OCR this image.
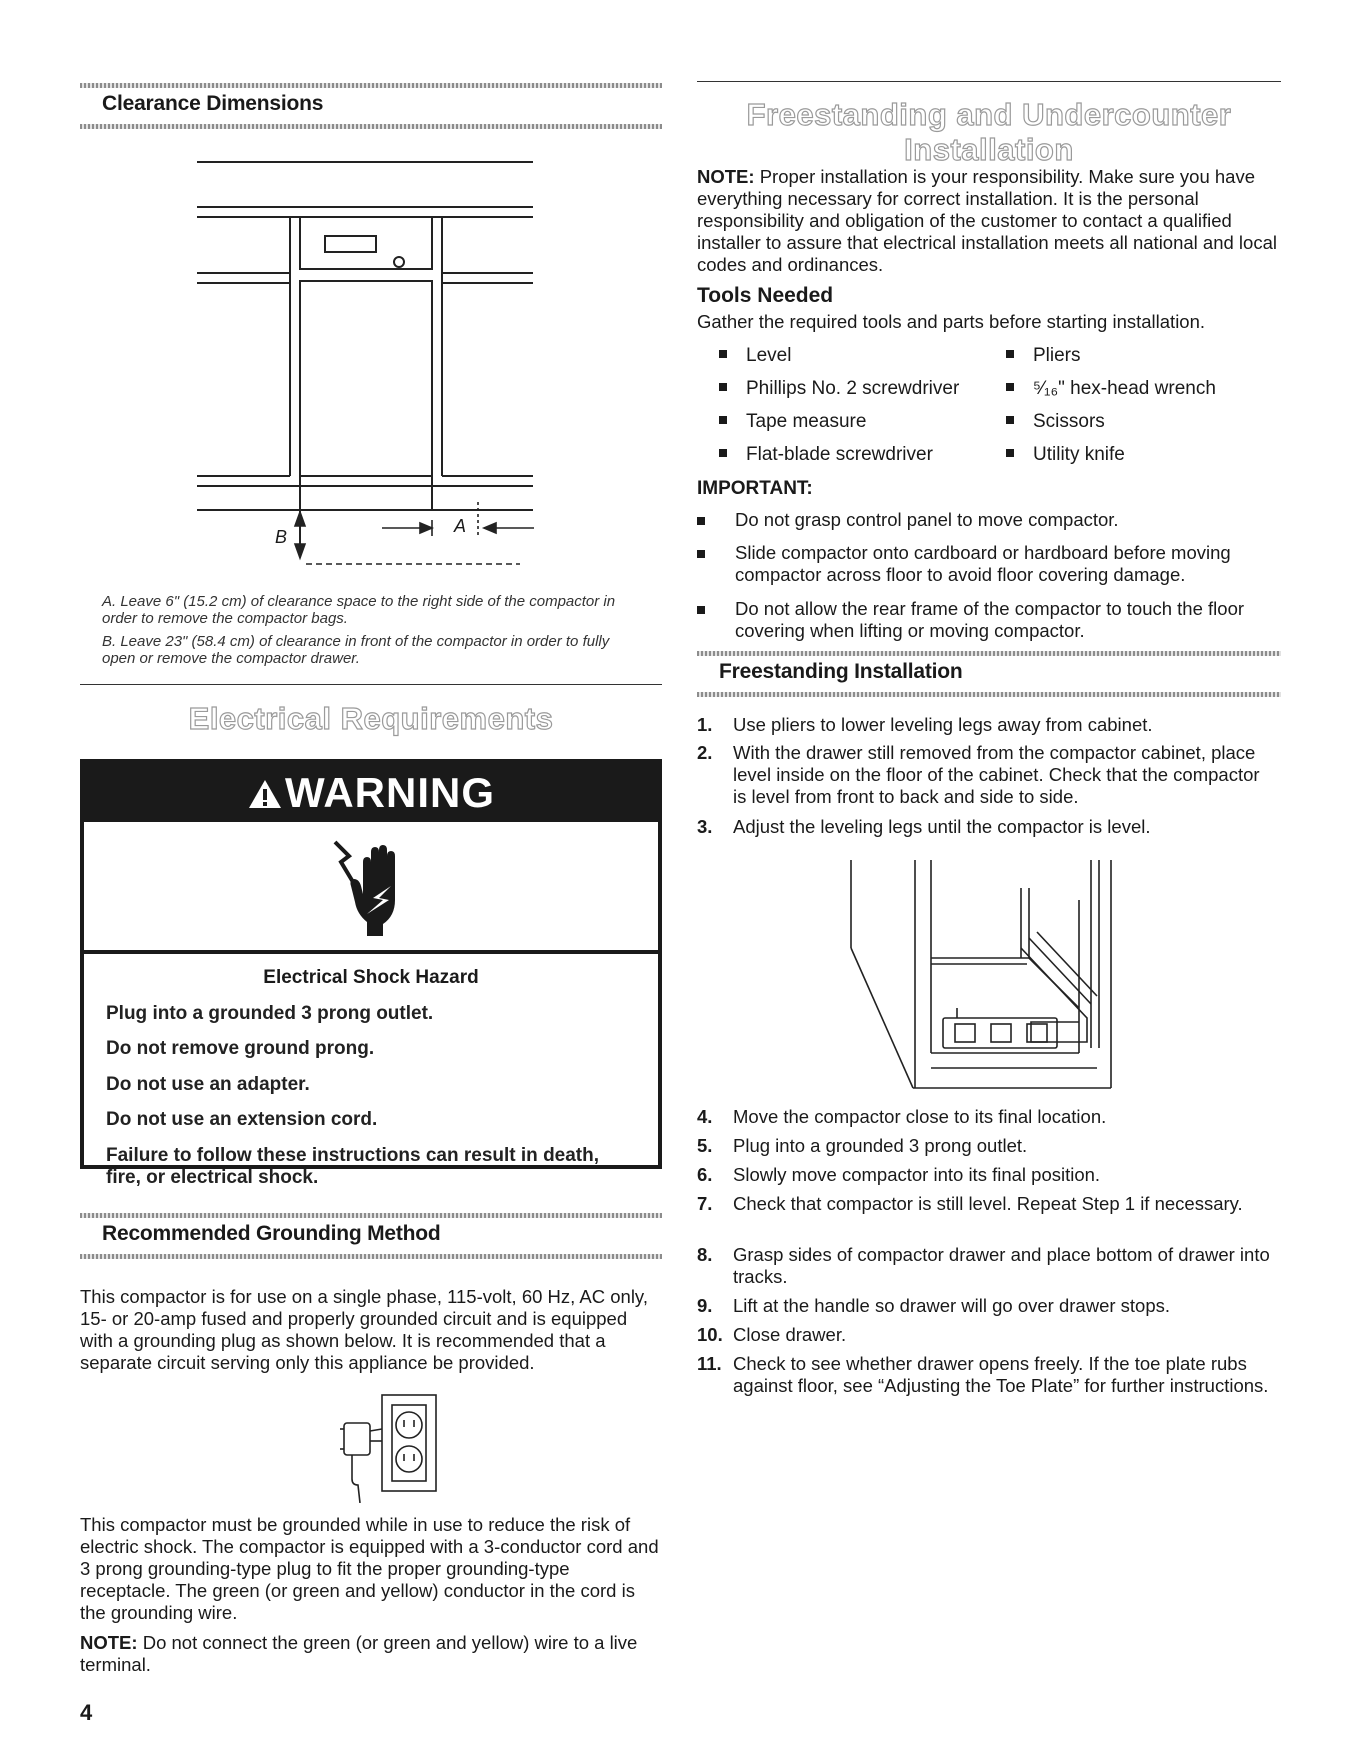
Clearance Dimensions
B
A
A. Leave 6" (15.2 cm) of clearance space to the right side of the compactor in order to remove the compactor bags.
B. Leave 23" (58.4 cm) of clearance in front of the compactor in order to fully open or remove the compactor drawer.
Electrical Requirements
WARNING
Electrical Shock Hazard
Plug into a grounded 3 prong outlet.
Do not remove ground prong.
Do not use an adapter.
Do not use an extension cord.
Failure to follow these instructions can result in death, fire, or electrical shock.
Recommended Grounding Method
This compactor is for use on a single phase, 115-volt, 60 Hz, AC only, 15- or 20-amp fused and properly grounded circuit and is equipped with a grounding plug as shown below. It is recommended that a separate circuit serving only this appliance be provided.
This compactor must be grounded while in use to reduce the risk of electric shock. The compactor is equipped with a 3-conductor cord and 3 prong grounding-type plug to fit the proper grounding-type receptacle. The green (or green and yellow) conductor in the cord is the grounding wire.
NOTE: Do not connect the green (or green and yellow) wire to a live terminal.
4
Freestanding and Undercounter
Installation
NOTE: Proper installation is your responsibility. Make sure you have everything necessary for correct installation. It is the personal responsibility and obligation of the customer to contact a qualified installer to assure that electrical installation meets all national and local codes and ordinances.
Tools Needed
Gather the required tools and parts before starting installation.
Level
Phillips No. 2 screwdriver
Tape measure
Flat-blade screwdriver
Pliers
⁵⁄₁₆" hex-head wrench
Scissors
Utility knife
IMPORTANT:
Do not grasp control panel to move compactor.
Slide compactor onto cardboard or hardboard before moving compactor across floor to avoid floor covering damage.
Do not allow the rear frame of the compactor to touch the floor covering when lifting or moving compactor.
Freestanding Installation
1.	Use pliers to lower leveling legs away from cabinet.
2.	With the drawer still removed from the compactor cabinet, place level inside on the floor of the cabinet. Check that the compactor is level from front to back and side to side.
3.	Adjust the leveling legs until the compactor is level.
4.	Move the compactor close to its final location.
5.	Plug into a grounded 3 prong outlet.
6.	Slowly move compactor into its final position.
7.	Check that compactor is still level. Repeat Step 1 if necessary.
8.	Grasp sides of compactor drawer and place bottom of drawer into tracks.
9.	Lift at the handle so drawer will go over drawer stops.
10. Close drawer.
11. Check to see whether drawer opens freely. If the toe plate rubs against floor, see “Adjusting the Toe Plate” for further instructions.
